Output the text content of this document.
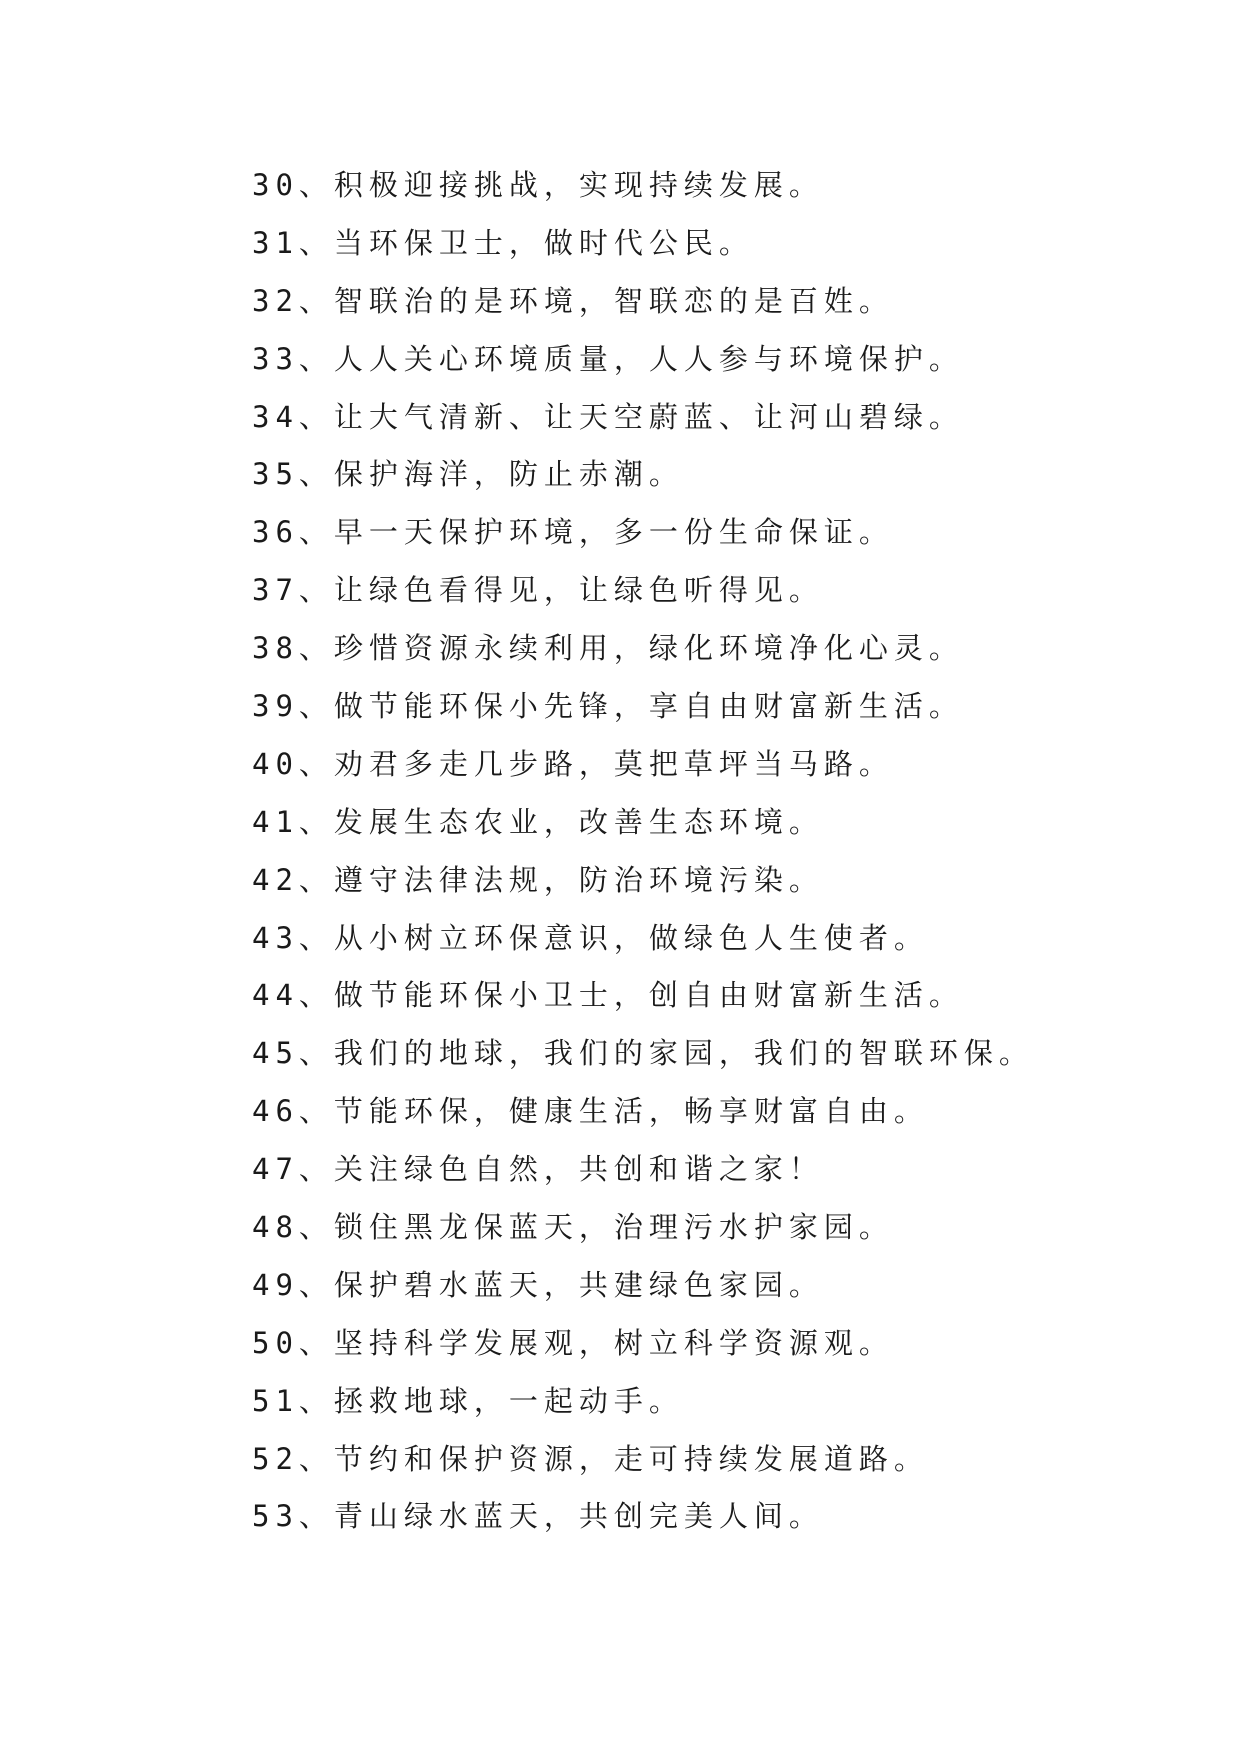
30、积极迎接挑战，实现持续发展。
31、当环保卫士，做时代公民。
32、智联治的是环境，智联恋的是百姓。
33、人人关心环境质量，人人参与环境保护。
34、让大气清新、让天空蔚蓝、让河山碧绿。
35、保护海洋，防止赤潮。
36、早一天保护环境，多一份生命保证。
37、让绿色看得见，让绿色听得见。
38、珍惜资源永续利用，绿化环境净化心灵。
39、做节能环保小先锋，享自由财富新生活。
40、劝君多走几步路，莫把草坪当马路。
41、发展生态农业，改善生态环境。
42、遵守法律法规，防治环境污染。
43、从小树立环保意识，做绿色人生使者。
44、做节能环保小卫士，创自由财富新生活。
45、我们的地球，我们的家园，我们的智联环保。
46、节能环保，健康生活，畅享财富自由。
47、关注绿色自然，共创和谐之家！
48、锁住黑龙保蓝天，治理污水护家园。
49、保护碧水蓝天，共建绿色家园。
50、坚持科学发展观，树立科学资源观。
51、拯救地球，一起动手。
52、节约和保护资源，走可持续发展道路。
53、青山绿水蓝天，共创完美人间。
